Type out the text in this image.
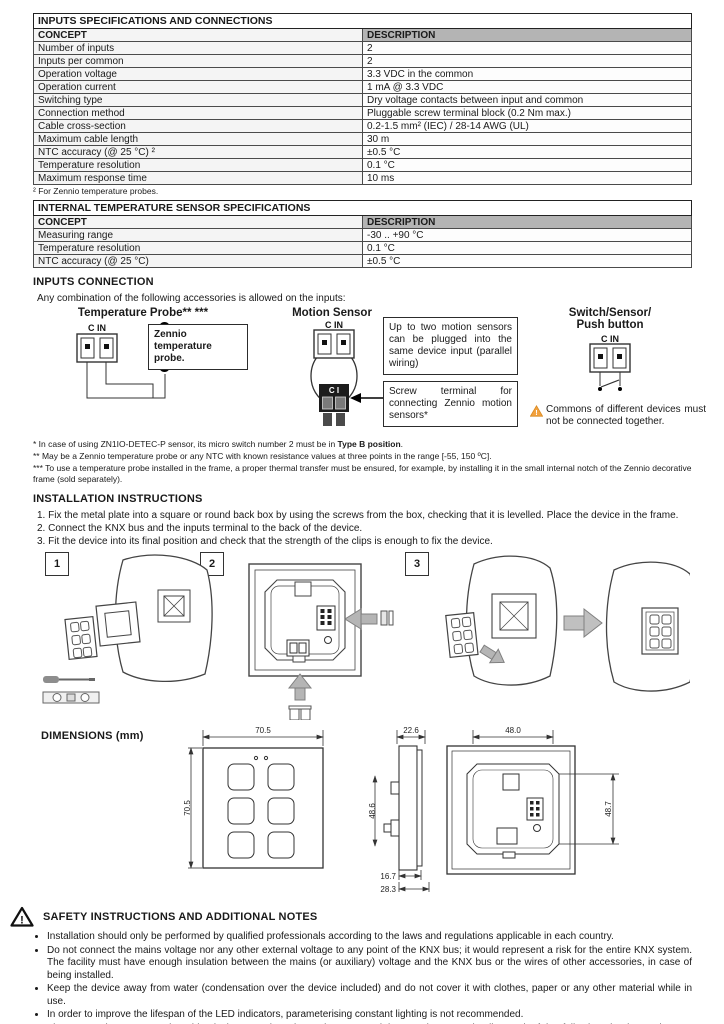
INPUTS SPECIFICATIONS AND CONNECTIONS	
CONCEPT	DESCRIPTION
Number of inputs	2
Inputs per common	2
Operation voltage	3.3 VDC in the common
Operation current	1 mA @ 3.3 VDC
Switching type	Dry voltage contacts between input and common
Connection method	Pluggable screw terminal block (0.2 Nm max.)
Cable cross-section	0.2-1.5 mm² (IEC) / 28-14 AWG (UL)
Maximum cable length	30 m
NTC accuracy (@ 25 °C) ²	±0.5 °C
Temperature resolution	0.1 °C
Maximum response time	10 ms
² For Zennio temperature probes.
INTERNAL TEMPERATURE SENSOR SPECIFICATIONS	
CONCEPT	DESCRIPTION
Measuring range	-30 .. +90 °C
Temperature resolution	0.1 °C
NTC accuracy (@ 25 °C)	±0.5 °C
INPUTS CONNECTION
Any combination of the following accessories is allowed on the inputs:
Temperature Probe** ***
C IN
Zennio temperature probe.
Motion Sensor
C IN
C I
Up to two motion sensors can be plugged into the same device input (parallel wiring)
Screw terminal for connecting Zennio motion sensors*
Switch/Sensor/
Push button
C IN
! Commons of different devices must not be connected together.

* In case of using ZN1IO-DETEC-P sensor, its micro switch number 2 must be in Type B position.

** May be a Zennio temperature probe or any NTC with known resistance values at three points in the range [-55, 150 ºC].

*** To use a temperature probe installed in the frame, a proper thermal transfer must be ensured, for example, by installing it in the small internal notch of the Zennio decorative frame (sold separately).

INSTALLATION INSTRUCTIONS
1. Fix the metal plate into a square or round back box by using the screws from the box, checking that it is levelled. Place the device in the frame.
2. Connect the KNX bus and the inputs terminal to the back of the device.
3. Fit the device into its final position and check that the strength of the clips is enough to fix the device.
1	2	3
DIMENSIONS (mm)	70.5
70.5
22.6
48.6
16.7
28.3
48.0
48.7
! SAFETY INSTRUCTIONS AND ADDITIONAL NOTES
• Installation should only be performed by qualified professionals according to the laws and regulations applicable in each country.
• Do not connect the mains voltage nor any other external voltage to any point of the KNX bus; it would represent a risk for the entire KNX system. The facility must have enough insulation between the mains (or auxiliary) voltage and the KNX bus or the wires of other accessories, in case of being installed.
• Keep the device away from water (condensation over the device included) and do not cover it with clothes, paper or any other material while in use.
• In order to improve the lifespan of the LED indicators, parameterising constant lighting is not recommended.
•
